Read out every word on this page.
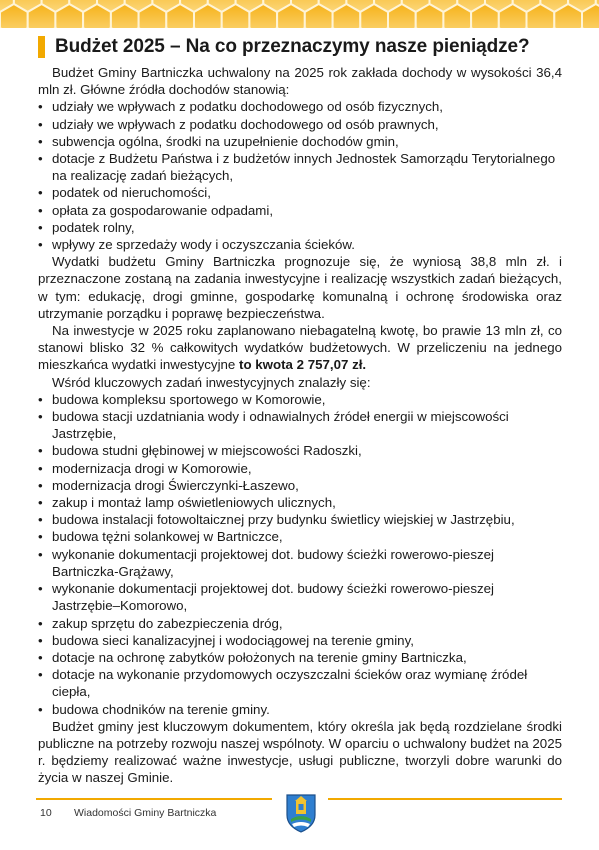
Budżet 2025 – Na co przeznaczymy nasze pieniądze?

Budżet Gminy Bartniczka uchwalony na 2025 rok zakłada dochody w wysokości 36,4 mln zł. Główne źródła dochodów stanowią:

• udziały we wpływach z podatku dochodowego od osób fizycznych,
• udziały we wpływach z podatku dochodowego od osób prawnych,
• subwencja ogólna, środki na uzupełnienie dochodów gmin,
• dotacje z Budżetu Państwa i z budżetów innych Jednostek Samorządu Terytorialnego na realizację zadań bieżących,
• podatek od nieruchomości,
• opłata za gospodarowanie odpadami,
• podatek rolny,
• wpływy ze sprzedaży wody i oczyszczania ścieków.

Wydatki budżetu Gminy Bartniczka prognozuje się, że wyniosą 38,8 mln zł. i przeznaczone zostaną na zadania inwestycyjne i realizację wszystkich zadań bieżących, w tym: edukację, drogi gminne, gospodarkę komunalną i ochronę środowiska oraz utrzymanie porządku i poprawę bezpieczeństwa.

Na inwestycje w 2025 roku zaplanowano niebagatelną kwotę, bo prawie 13 mln zł, co stanowi blisko 32 % całkowitych wydatków budżetowych. W przeliczeniu na jednego mieszkańca wydatki inwestycyjne to kwota 2 757,07 zł.

Wśród kluczowych zadań inwestycyjnych znalazły się:

• budowa kompleksu sportowego w Komorowie,
• budowa stacji uzdatniania wody i odnawialnych źródeł energii w miejscowości Jastrzębie,
• budowa studni głębinowej w miejscowości Radoszki,
• modernizacja drogi w Komorowie,
• modernizacja drogi Świerczynki-Łaszewo,
• zakup i montaż lamp oświetleniowych ulicznych,
• budowa instalacji fotowoltaicznej przy budynku świetlicy wiejskiej w Jastrzębiu,
• budowa tężni solankowej w Bartniczce,
• wykonanie dokumentacji projektowej dot. budowy ścieżki rowerowo-pieszej Bartniczka-Grążawy,
• wykonanie dokumentacji projektowej dot. budowy ścieżki rowerowo-pieszej Jastrzębie–Komorowo,
• zakup sprzętu do zabezpieczenia dróg,
• budowa sieci kanalizacyjnej i wodociągowej na terenie gminy,
• dotacje na ochronę zabytków położonych na terenie gminy Bartniczka,
• dotacje na wykonanie przydomowych oczyszczalni ścieków oraz wymianę źródeł ciepła,
• budowa chodników na terenie gminy.

Budżet gminy jest kluczowym dokumentem, który określa jak będą rozdzielane środki publiczne na potrzeby rozwoju naszej wspólnoty. W oparciu o uchwalony budżet na 2025 r. będziemy realizować ważne inwestycje, usługi publiczne, tworzyli dobre warunki do życia w naszej Gminie.

10 Wiadomości Gminy Bartniczka
